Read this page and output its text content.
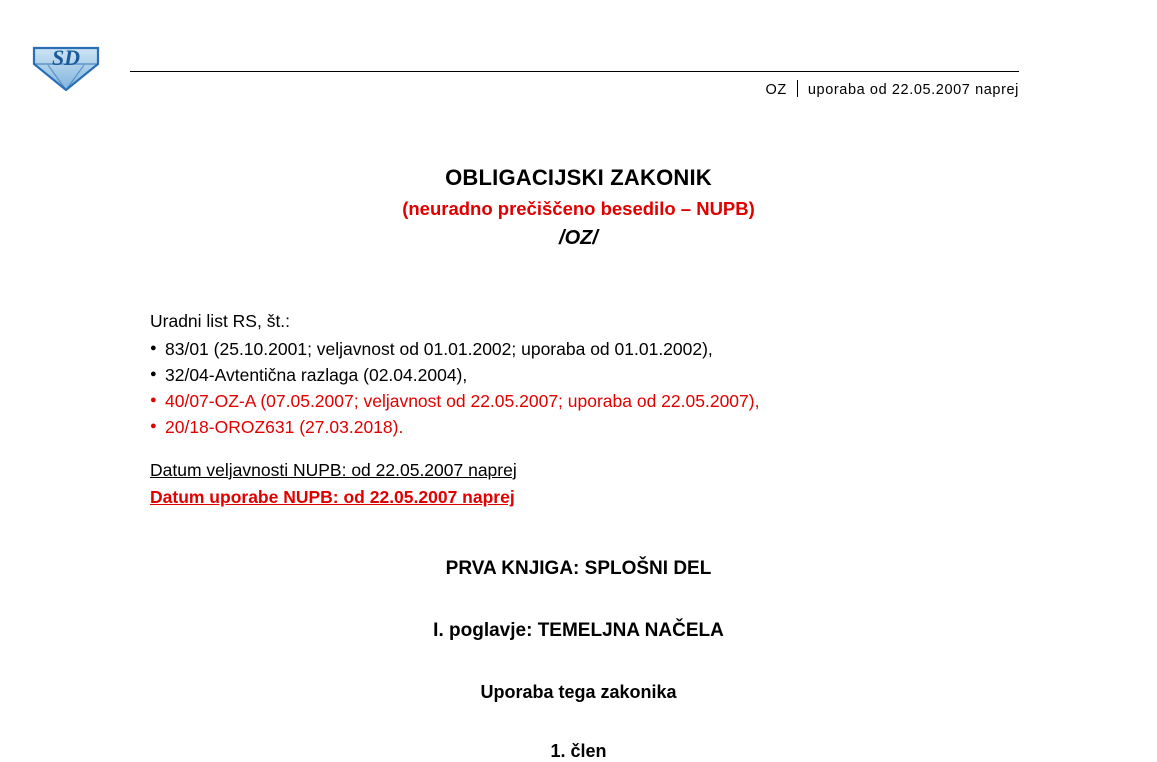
SD
OZ uporaba od 22.05.2007 naprej
OBLIGACIJSKI ZAKONIK

(neuradno prečiščeno besedilo – NUPB)

/OZ/

Uradni list RS, št.:

● 83/01 (25.10.2001; veljavnost od 01.01.2002; uporaba od 01.01.2002),
● 32/04-Avtentična razlaga (02.04.2004),
● 40/07-OZ-A (07.05.2007; veljavnost od 22.05.2007; uporaba od 22.05.2007),
● 20/18-OROZ631 (27.03.2018).
Datum veljavnosti NUPB: od 22.05.2007 naprej
Datum uporabe NUPB: od 22.05.2007 naprej
PRVA KNJIGA: SPLOŠNI DEL
I. poglavje: TEMELJNA NAČELA
Uporaba tega zakonika
1. člen
